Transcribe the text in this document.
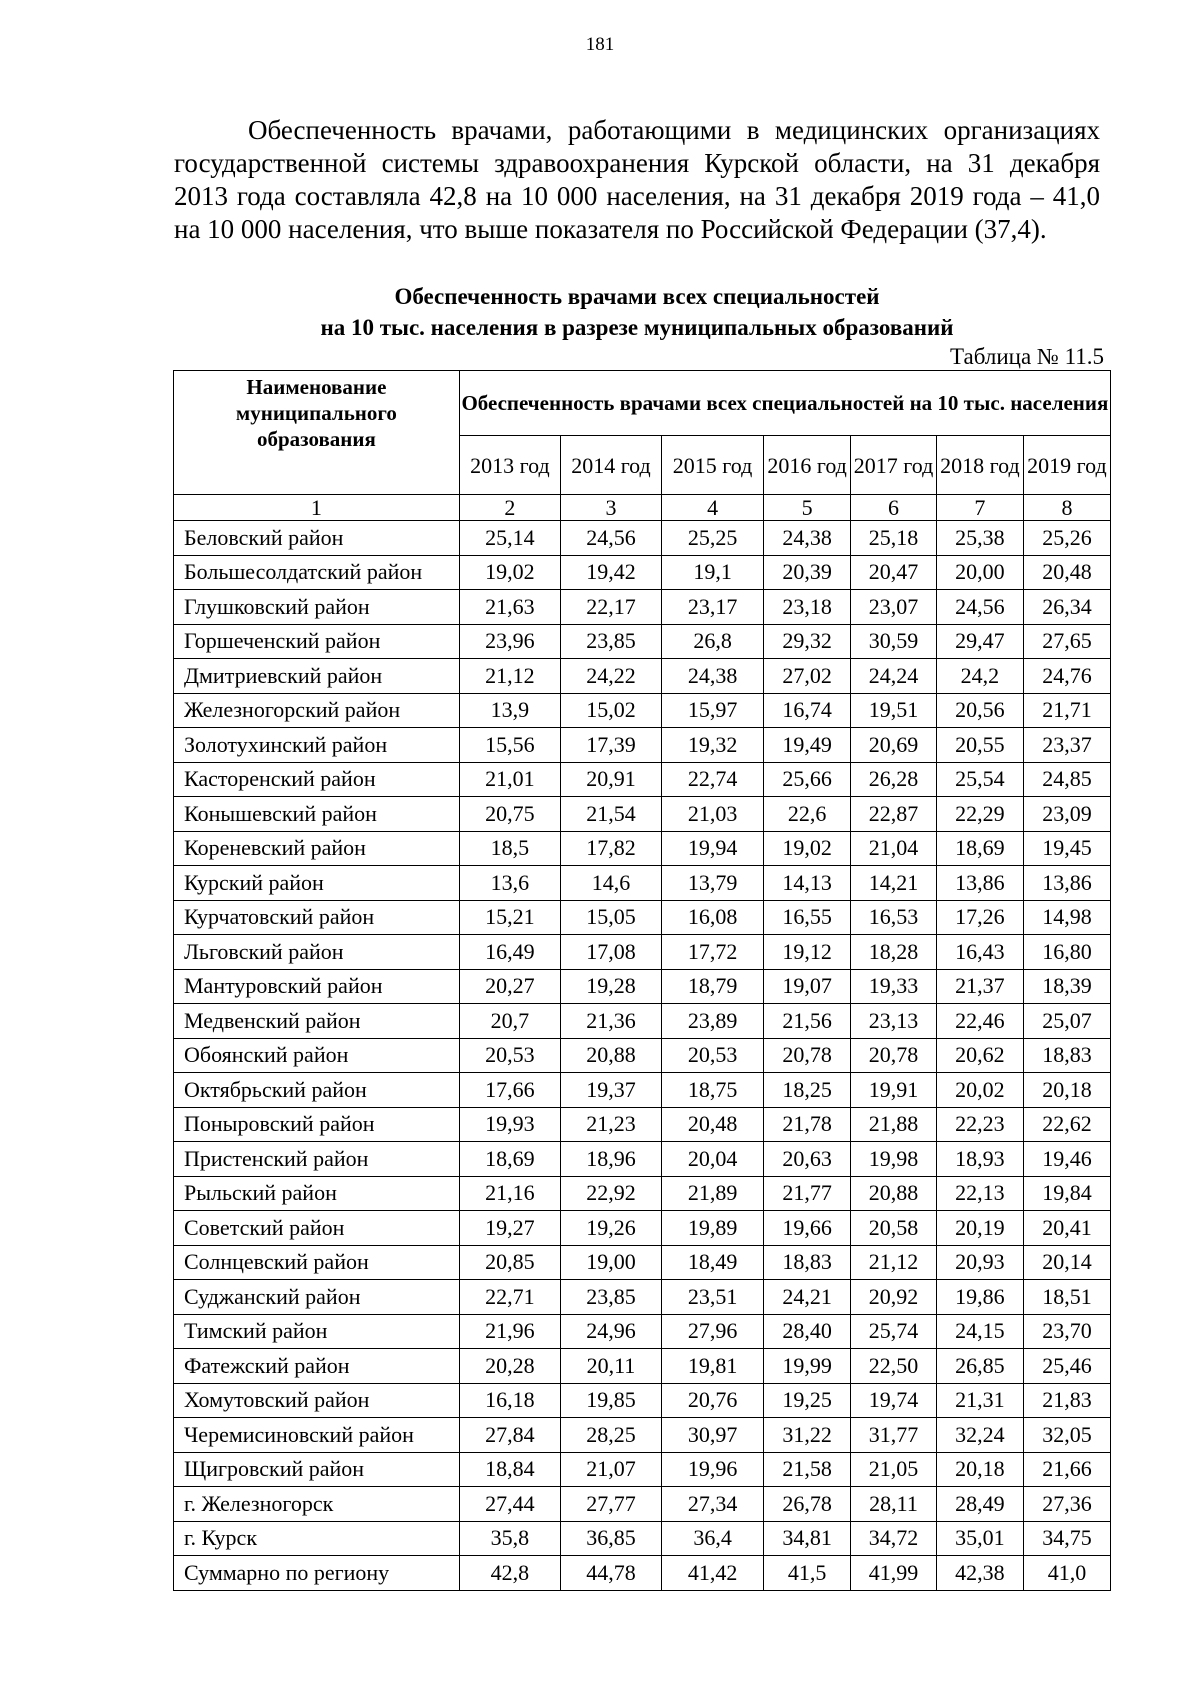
181

Обеспеченность врачами, работающими в медицинских организациях государственной системы здравоохранения Курской области, на 31 декабря 2013 года составляла 42,8 на 10 000 населения, на 31 декабря 2019 года – 41,0 на 10 000 населения, что выше показателя по Российской Федерации (37,4).

Обеспеченность врачами всех специальностей
на 10 тыс. населения в разрезе муниципальных образований
Таблица № 11.5
Наименование муниципального образования	Обеспеченность врачами всех специальностей на 10 тыс. населения						
	2013 год	2014 год	2015 год	2016 год	2017 год	2018 год	2019 год
1	2	3	4	5	6	7	8
Беловский район	25,14	24,56	25,25	24,38	25,18	25,38	25,26
Большесолдатский район	19,02	19,42	19,1	20,39	20,47	20,00	20,48
Глушковский район	21,63	22,17	23,17	23,18	23,07	24,56	26,34
Горшеченский район	23,96	23,85	26,8	29,32	30,59	29,47	27,65
Дмитриевский район	21,12	24,22	24,38	27,02	24,24	24,2	24,76
Железногорский район	13,9	15,02	15,97	16,74	19,51	20,56	21,71
Золотухинский район	15,56	17,39	19,32	19,49	20,69	20,55	23,37
Касторенский район	21,01	20,91	22,74	25,66	26,28	25,54	24,85
Конышевский район	20,75	21,54	21,03	22,6	22,87	22,29	23,09
Кореневский район	18,5	17,82	19,94	19,02	21,04	18,69	19,45
Курский район	13,6	14,6	13,79	14,13	14,21	13,86	13,86
Курчатовский район	15,21	15,05	16,08	16,55	16,53	17,26	14,98
Льговский район	16,49	17,08	17,72	19,12	18,28	16,43	16,80
Мантуровский район	20,27	19,28	18,79	19,07	19,33	21,37	18,39
Медвенский район	20,7	21,36	23,89	21,56	23,13	22,46	25,07
Обоянский район	20,53	20,88	20,53	20,78	20,78	20,62	18,83
Октябрьский район	17,66	19,37	18,75	18,25	19,91	20,02	20,18
Поныровский район	19,93	21,23	20,48	21,78	21,88	22,23	22,62
Пристенский район	18,69	18,96	20,04	20,63	19,98	18,93	19,46
Рыльский район	21,16	22,92	21,89	21,77	20,88	22,13	19,84
Советский район	19,27	19,26	19,89	19,66	20,58	20,19	20,41
Солнцевский район	20,85	19,00	18,49	18,83	21,12	20,93	20,14
Суджанский район	22,71	23,85	23,51	24,21	20,92	19,86	18,51
Тимский район	21,96	24,96	27,96	28,40	25,74	24,15	23,70
Фатежский район	20,28	20,11	19,81	19,99	22,50	26,85	25,46
Хомутовский район	16,18	19,85	20,76	19,25	19,74	21,31	21,83
Черемисиновский район	27,84	28,25	30,97	31,22	31,77	32,24	32,05
Щигровский район	18,84	21,07	19,96	21,58	21,05	20,18	21,66
г. Железногорск	27,44	27,77	27,34	26,78	28,11	28,49	27,36
г. Курск	35,8	36,85	36,4	34,81	34,72	35,01	34,75
Суммарно по региону	42,8	44,78	41,42	41,5	41,99	42,38	41,0
